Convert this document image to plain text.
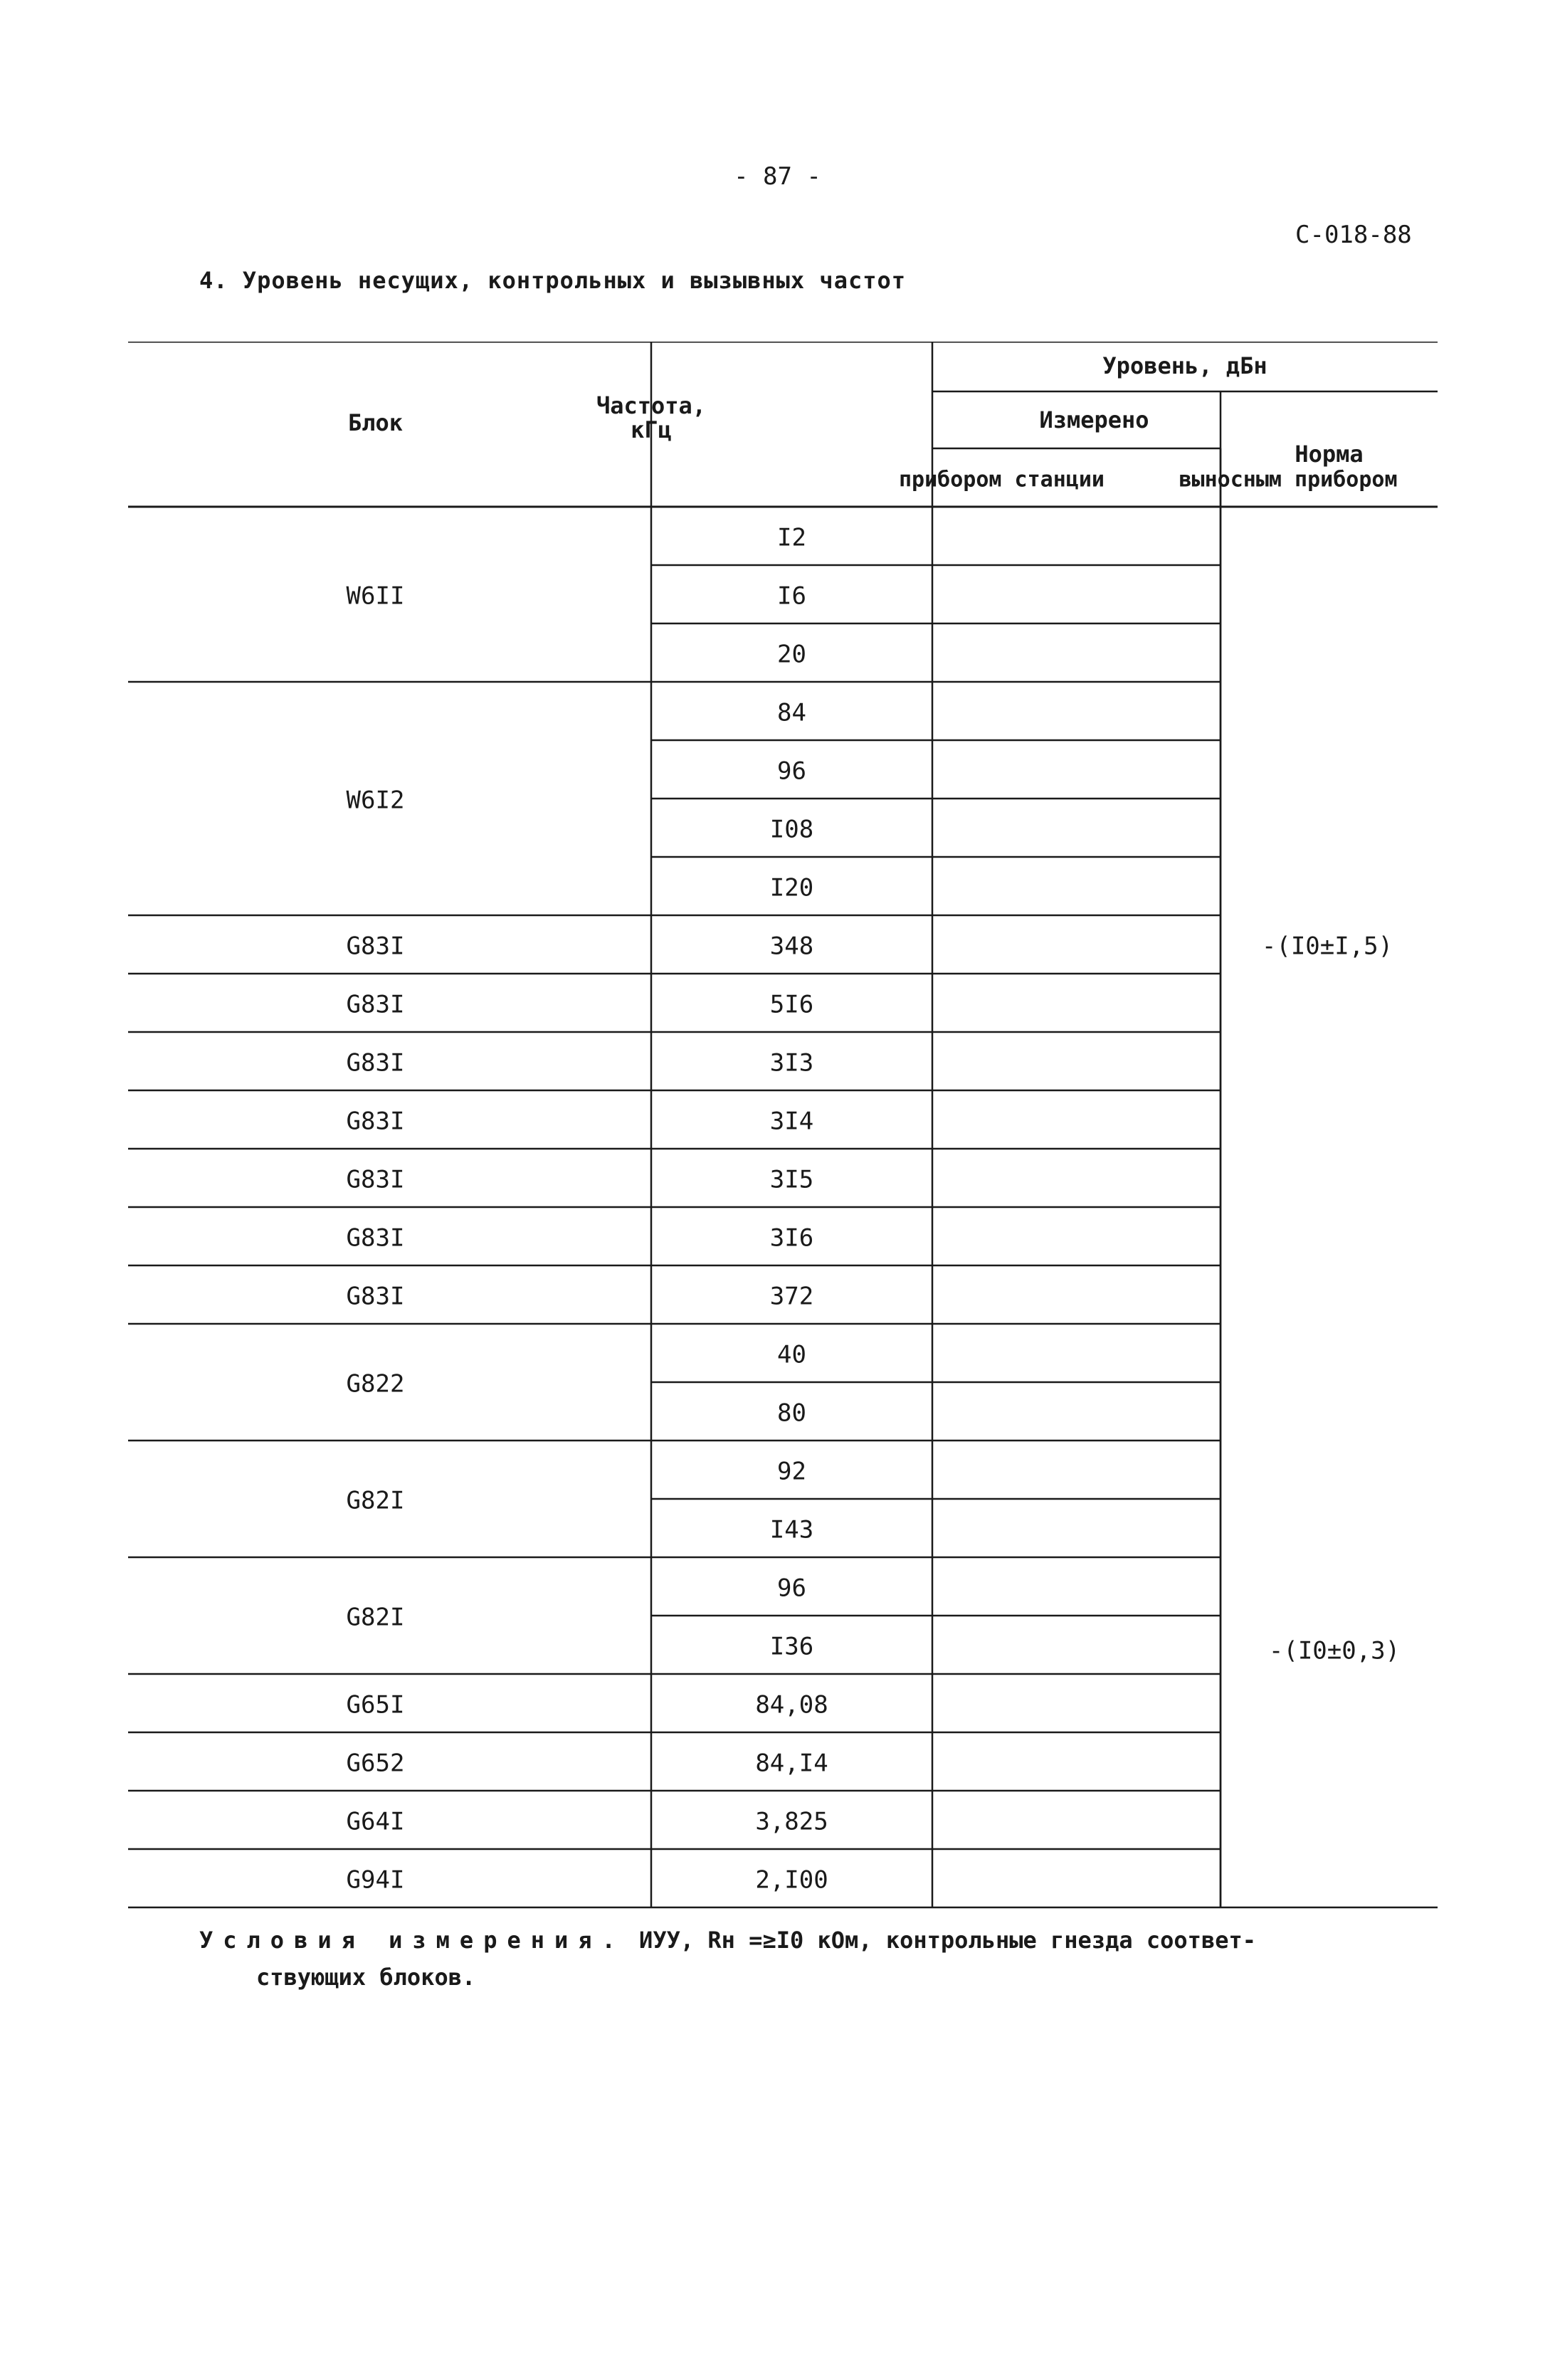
- 87 -
С-018-88
4. Уровень несущих, контрольных и вызывных частот
Блок
Частота,
кГц
Уровень, дБн
Измерено
прибором станции	выносным прибором
Норма
I2
I6
20
W6II
84
96
I08
I20
W6I2
348
G83I
5I6
G83I
3I3
G83I
3I4
G83I
3I5
G83I
3I6
G83I
372
G83I
40
80
G822
92
I43
G82I
96
I36
G82I
84,08
G65I
84,I4
G652
3,825
G64I
2,I00
G94I
-(I0±I,5)
-(I0±0,3)
Условия измерения. ИУУ, Rн =≥I0 кОм, контрольные гнезда соответ-
ствующих блоков.
